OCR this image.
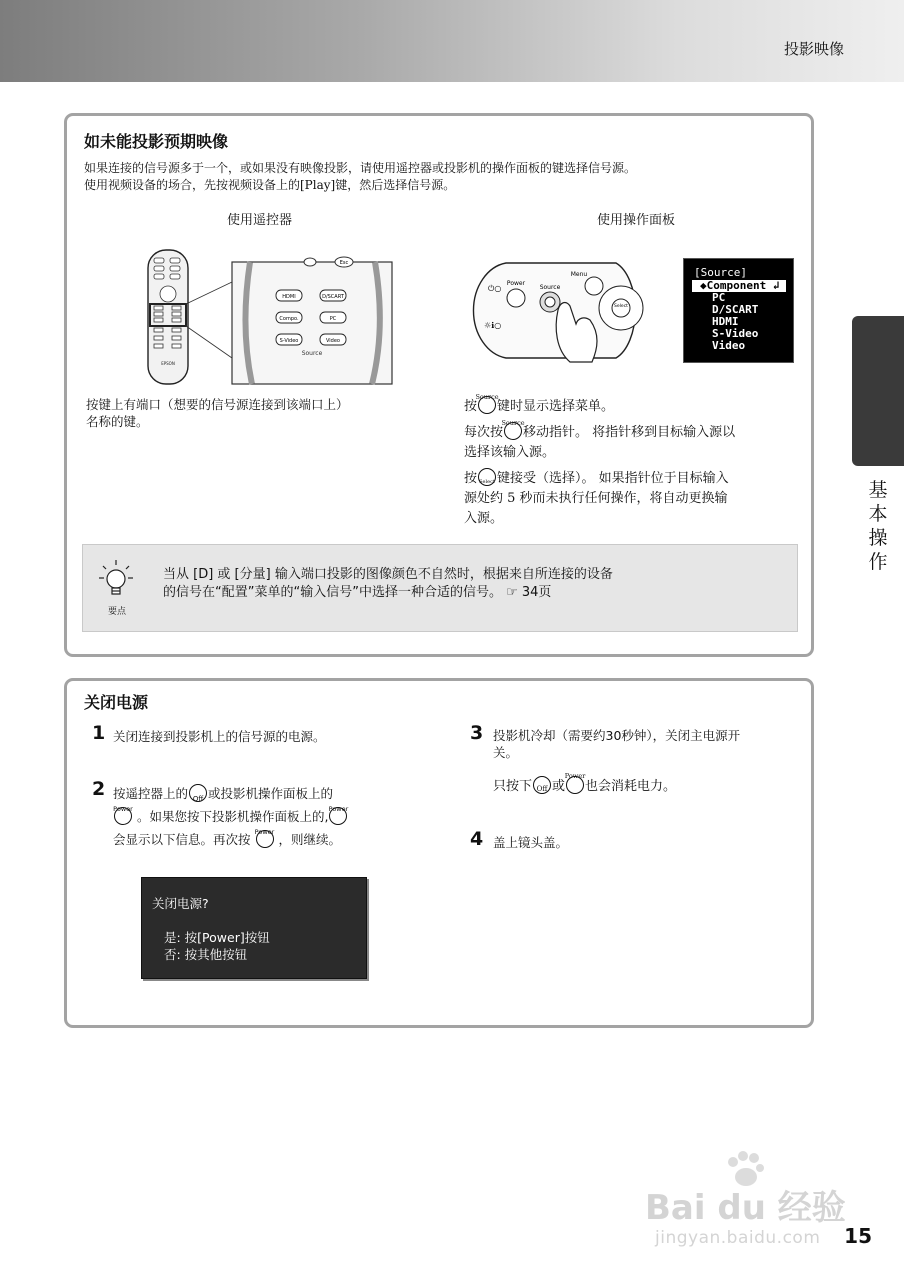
投影映像
基本操作
如未能投影预期映像
如果连接的信号源多于一个，或如果没有映像投影，请使用遥控器或投影机的操作面板的键选择信号源。
使用视频设备的场合，先按视频设备上的[Play]键，然后选择信号源。
使用遥控器	使用操作面板
EPSON
Esc
HDMI	D/SCART
Compo.	PC
S-Video	Video
Source
⏻○
Power
Source
Menu
Select
☼ℹ○
[Source]
◆Component ↲
PC
D/SCART
HDMI
S-Video
Video
按键上有端口（想要的信号源连接到该端口上）
名称的键。
按
Source
键时显示选择菜单。
每次按
Source
移动指针。 将指针移到目标输入源以
选择该输入源。
按 Select 键接受（选择）。 如果指针位于目标输入
源处约 5 秒而未执行任何操作，将自动更换输
入源。
要点
当从 [D] 或 [分量] 输入端口投影的图像颜色不自然时，根据来自所连接的设备
的信号在“配置”菜单的“输入信号”中选择一种合适的信号。 ☞ 34页
关闭电源
1 关闭连接到投影机上的信号源的电源。
2 按遥控器上的 Off 或投影机操作面板上的

Power 。如果您按下投影机操作面板上的, Power

会显示以下信息。再次按 Power ，则继续。
关闭电源?
是: 按[Power]按钮
否: 按其他按钮
3 投影机冷却（需要约30秒钟），关闭主电源开
关。
只按下 Off 或
Power
也会消耗电力。
4 盖上镜头盖。
Bai du 经验
jingyan.baidu.com 15
